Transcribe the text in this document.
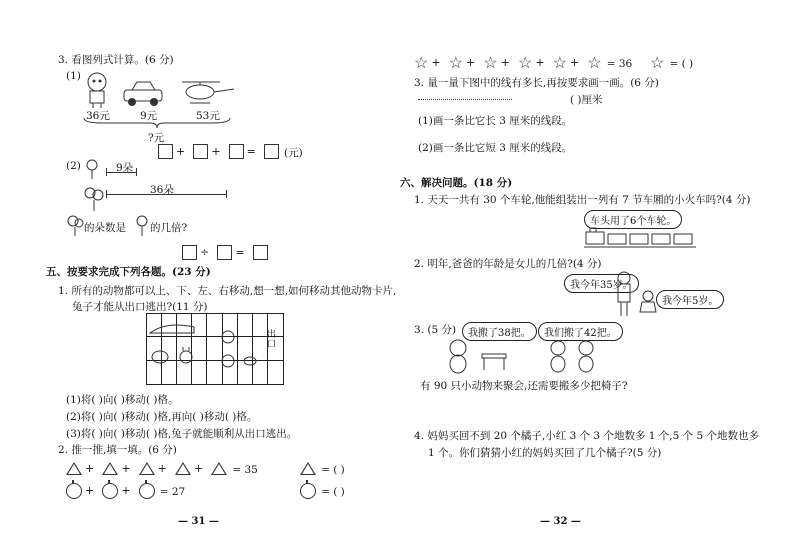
3. 看图列式计算。(6 分)
(1)
36元	9元	53元
?元
+ + =	(元)
(2)	9朵
36朵
的朵数是 的几倍?
÷ =
五、按要求完成下列各题。(23 分)
1. 所有的动物都可以上、下、左、右移动,想一想,如何移动其他动物卡片,
兔子才能从出口逃出?(11 分)
出口
(1)将( )向( )移动( )格。
(2)将( )向( )移动( )格,再向( )移动( )格。
(3)将( )向( )移动( )格,兔子就能顺利从出口逃出。
2. 推一推,填一填。(6 分)
+ + + +	= 35	= ( )
+ +	= 27	= ( )
— 31 —
☆ + ☆ + ☆ + ☆ + ☆ + ☆ = 36 ☆ = ( )
3. 量一量下图中的线有多长,再按要求画一画。(6 分)
( )厘米
(1)画一条比它长 3 厘米的线段。
(2)画一条比它短 3 厘米的线段。
六、解决问题。(18 分)
1. 天天一共有 30 个车轮,他能组装出一列有 7 节车厢的小火车吗?(4 分)
车头用了6个车轮。
2. 明年,爸爸的年龄是女儿的几倍?(4 分)
我今年35岁。
我今年5岁。
3. (5 分)	我搬了38把。	我们搬了42把。
有 90 只小动物来聚会,还需要搬多少把椅子?
4. 妈妈买回不到 20 个橘子,小红 3 个 3 个地数多 1 个,5 个 5 个地数也多
1 个。你们猜猜小红的妈妈买回了几个橘子?(5 分)
— 32 —
